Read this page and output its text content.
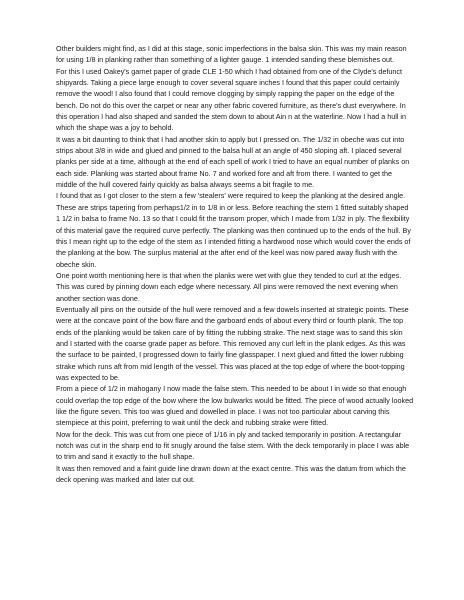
Other builders might find, as I did at this stage, sonic imperfections in the balsa skin. This was my main reason for using 1/8 in planking rather than something of a lighter gauge. 1 intended sanding these blemishes out.

For this I used Oakey's garnet paper of grade CLE 1-50 which I had obtained from one of the Clyde's defunct shipyards. Taking a piece large enough to cover several square inches I found that this paper could certainly remove the wood! I also found that I could remove clogging by simply rapping the paper on the edge of the bench. Do not do this over the carpet or near any other fabric covered furniture, as there's dust everywhere. In this operation I had also shaped and sanded the stem down to about Ain n at the waterline. Now I had a hull in which the shape was a joy to behold.

It was a bit daunting to think that I had another skin to apply but I pressed on. The 1/32 in obeche was cut into strips about 3/8 in wide and glued and pinned to the balsa hull at an angle of 450 sloping aft. I placed several planks per side at a time, although at the end of each spell of work I tried to have an equal number of planks on each side. Planking was started about frame No. 7 and worked fore and aft from there. I wanted to get the middle of the hull covered fairly quickly as balsa always seems a bit fragile to me.

I found that as I got closer to the stern a few 'stealers' were required to keep the planking at the desired angle. These are strips tapering from perhaps1/2 in to 1/8 in or less. Before reaching the stern 1 fitted suitably shaped 1 1/2 in balsa to frame No. 13 so that I could fit the transom proper, which I made from 1/32 in ply. The flexibility of this material gave the required curve perfectly. The planking was then continued up to the ends of the hull. By this I mean right up to the edge of the stem as I intended fitting a hardwood nose which would cover the ends of the planking at the bow. The surplus material at the after end of the keel was now pared away flush with the obeche skin.

One point worth mentioning here is that when the planks were wet with glue they tended to curl at the edges. This was cured by pinning down each edge where necessary. All pins were removed the next evening when another section was done.

Eventually all pins on the outside of the hull were removed and a few dowels inserted at strategic points. These were at the concave point of the bow flare and the garboard ends of about every third or fourth plank. The top ends of the planking would be taken care of by fitting the rubbing strake. The next stage was to sand this skin and I started with the coarse grade paper as before. This removed any curl left in the plank edges. As this was the surface to be painted, I progressed down to fairly fine glasspaper. I next glued and fitted the lower rubbing strake which runs aft from mid length of the vessel. This was placed at the top edge of where the boot-topping was expected to be.

From a piece of 1/2 in mahogany I now made the false stem. This needed to be about I in wide so that enough could overlap the top edge of the bow where the low bulwarks would be fitted. The piece of wood actually looked like the figure seven. This too was glued and dowelled in place. I was not too particular about carving this stempiece at this point, preferring to wait until the deck and rubbing strake were fitted.

Now for the deck. This was cut from one piece of 1/16 in ply and tacked temporarily in position. A rectangular notch was cut in the sharp end to fit snugly around the false stem. With the deck temporarily in place I was able to trim and sand it exactly to the hull shape.

It was then removed and a faint guide line drawn down at the exact centre. This was the datum from which the deck opening was marked and later cut out.
